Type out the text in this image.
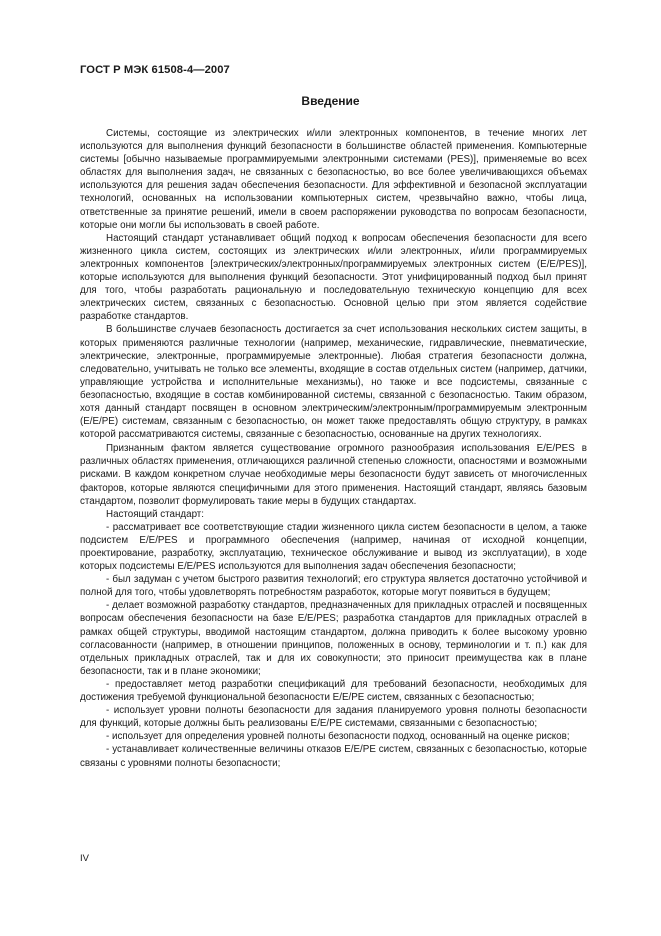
ГОСТ Р МЭК 61508-4—2007
Введение

Системы, состоящие из электрических и/или электронных компонентов, в течение многих лет используются для выполнения функций безопасности в большинстве областей применения. Компьютерные системы [обычно называемые программируемыми электронными системами (PES)], применяемые во всех областях для выполнения задач, не связанных с безопасностью, во все более увеличивающихся объемах используются для решения задач обеспечения безопасности. Для эффективной и безопасной эксплуатации технологий, основанных на использовании компьютерных систем, чрезвычайно важно, чтобы лица, ответственные за принятие решений, имели в своем распоряжении руководства по вопросам безопасности, которые они могли бы использовать в своей работе.

Настоящий стандарт устанавливает общий подход к вопросам обеспечения безопасности для всего жизненного цикла систем, состоящих из электрических и/или электронных, и/или программируемых электронных компонентов [электрических/электронных/программируемых электронных систем (E/E/PES)], которые используются для выполнения функций безопасности. Этот унифицированный подход был принят для того, чтобы разработать рациональную и последовательную техническую концепцию для всех электрических систем, связанных с безопасностью. Основной целью при этом является содействие разработке стандартов.

В большинстве случаев безопасность достигается за счет использования нескольких систем защиты, в которых применяются различные технологии (например, механические, гидравлические, пневматические, электрические, электронные, программируемые электронные). Любая стратегия безопасности должна, следовательно, учитывать не только все элементы, входящие в состав отдельных систем (например, датчики, управляющие устройства и исполнительные механизмы), но также и все подсистемы, связанные с безопасностью, входящие в состав комбинированной системы, связанной с безопасностью. Таким образом, хотя данный стандарт посвящен в основном электрическим/электронным/программируемым электронным (E/E/PE) системам, связанным с безопасностью, он может также предоставлять общую структуру, в рамках которой рассматриваются системы, связанные с безопасностью, основанные на других технологиях.

Признанным фактом является существование огромного разнообразия использования E/E/PES в различных областях применения, отличающихся различной степенью сложности, опасностями и возможными рисками. В каждом конкретном случае необходимые меры безопасности будут зависеть от многочисленных факторов, которые являются специфичными для этого применения. Настоящий стандарт, являясь базовым стандартом, позволит формулировать такие меры в будущих стандартах.

Настоящий стандарт:

- рассматривает все соответствующие стадии жизненного цикла систем безопасности в целом, а также подсистем E/E/PES и программного обеспечения (например, начиная от исходной концепции, проектирование, разработку, эксплуатацию, техническое обслуживание и вывод из эксплуатации), в ходе которых подсистемы E/E/PES используются для выполнения задач обеспечения безопасности;

- был задуман с учетом быстрого развития технологий; его структура является достаточно устойчивой и полной для того, чтобы удовлетворять потребностям разработок, которые могут появиться в будущем;

- делает возможной разработку стандартов, предназначенных для прикладных отраслей и посвященных вопросам обеспечения безопасности на базе E/E/PES; разработка стандартов для прикладных отраслей в рамках общей структуры, вводимой настоящим стандартом, должна приводить к более высокому уровню согласованности (например, в отношении принципов, положенных в основу, терминологии и т. п.) как для отдельных прикладных отраслей, так и для их совокупности; это приносит преимущества как в плане безопасности, так и в плане экономики;

- предоставляет метод разработки спецификаций для требований безопасности, необходимых для достижения требуемой функциональной безопасности E/E/PE систем, связанных с безопасностью;

- использует уровни полноты безопасности для задания планируемого уровня полноты безопасности для функций, которые должны быть реализованы E/E/PE системами, связанными с безопасностью;

- использует для определения уровней полноты безопасности подход, основанный на оценке рисков;

- устанавливает количественные величины отказов E/E/PE систем, связанных с безопасностью, которые связаны с уровнями полноты безопасности;

IV
